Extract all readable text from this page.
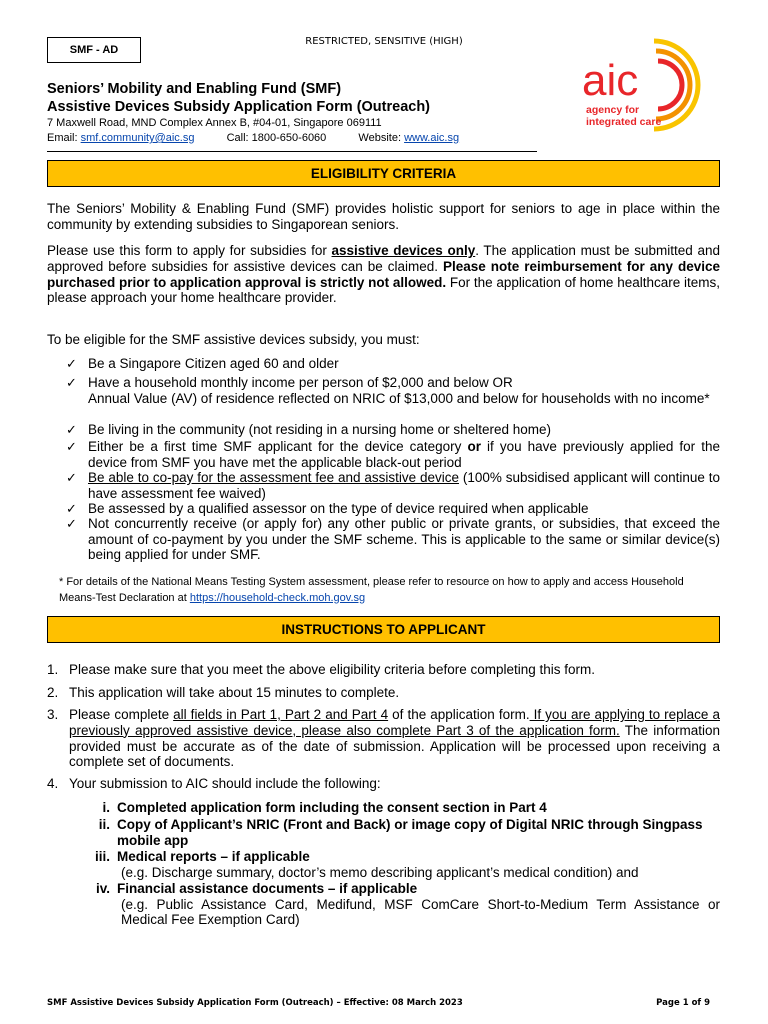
SMF - AD
RESTRICTED, SENSITIVE (HIGH)
Seniors’ Mobility and Enabling Fund (SMF)
Assistive Devices Subsidy Application Form (Outreach)
7 Maxwell Road, MND Complex Annex B, #04-01, Singapore 069111
Email: smf.community@aic.sg	Call: 1800-650-6060	Website: www.aic.sg
aic
agency for
integrated care
ELIGIBILITY CRITERIA
The Seniors’ Mobility & Enabling Fund (SMF) provides holistic support for seniors to age in place within the community by extending subsidies to Singaporean seniors.
Please use this form to apply for subsidies for assistive devices only. The application must be submitted and approved before subsidies for assistive devices can be claimed. Please note reimbursement for any device purchased prior to application approval is strictly not allowed. For the application of home healthcare items, please approach your home healthcare provider.
To be eligible for the SMF assistive devices subsidy, you must:
✓ Be a Singapore Citizen aged 60 and older
✓ Have a household monthly income per person of $2,000 and below OR
Annual Value (AV) of residence reflected on NRIC of $13,000 and below for households with no income*
✓ Be living in the community (not residing in a nursing home or sheltered home)
✓ Either be a first time SMF applicant for the device category or if you have previously applied for the device from SMF you have met the applicable black-out period
✓ Be able to co-pay for the assessment fee and assistive device (100% subsidised applicant will continue to have assessment fee waived)
✓ Be assessed by a qualified assessor on the type of device required when applicable
✓ Not concurrently receive (or apply for) any other public or private grants, or subsidies, that exceed the amount of co-payment by you under the SMF scheme. This is applicable to the same or similar device(s) being applied for under SMF.
* For details of the National Means Testing System assessment, please refer to resource on how to apply and access Household Means-Test Declaration at https://household-check.moh.gov.sg
INSTRUCTIONS TO APPLICANT
1. Please make sure that you meet the above eligibility criteria before completing this form.
2. This application will take about 15 minutes to complete.
3. Please complete all fields in Part 1, Part 2 and Part 4 of the application form. If you are applying to replace a previously approved assistive device, please also complete Part 3 of the application form. The information provided must be accurate as of the date of submission. Application will be processed upon receiving a complete set of documents.
4. Your submission to AIC should include the following:
i. Completed application form including the consent section in Part 4
ii. Copy of Applicant’s NRIC (Front and Back) or image copy of Digital NRIC through Singpass mobile app
iii. Medical reports – if applicable
(e.g. Discharge summary, doctor’s memo describing applicant’s medical condition) and
iv. Financial assistance documents – if applicable
(e.g. Public Assistance Card, Medifund, MSF ComCare Short-to-Medium Term Assistance or Medical Fee Exemption Card)
SMF Assistive Devices Subsidy Application Form (Outreach) – Effective: 08 March 2023	Page 1 of 9
